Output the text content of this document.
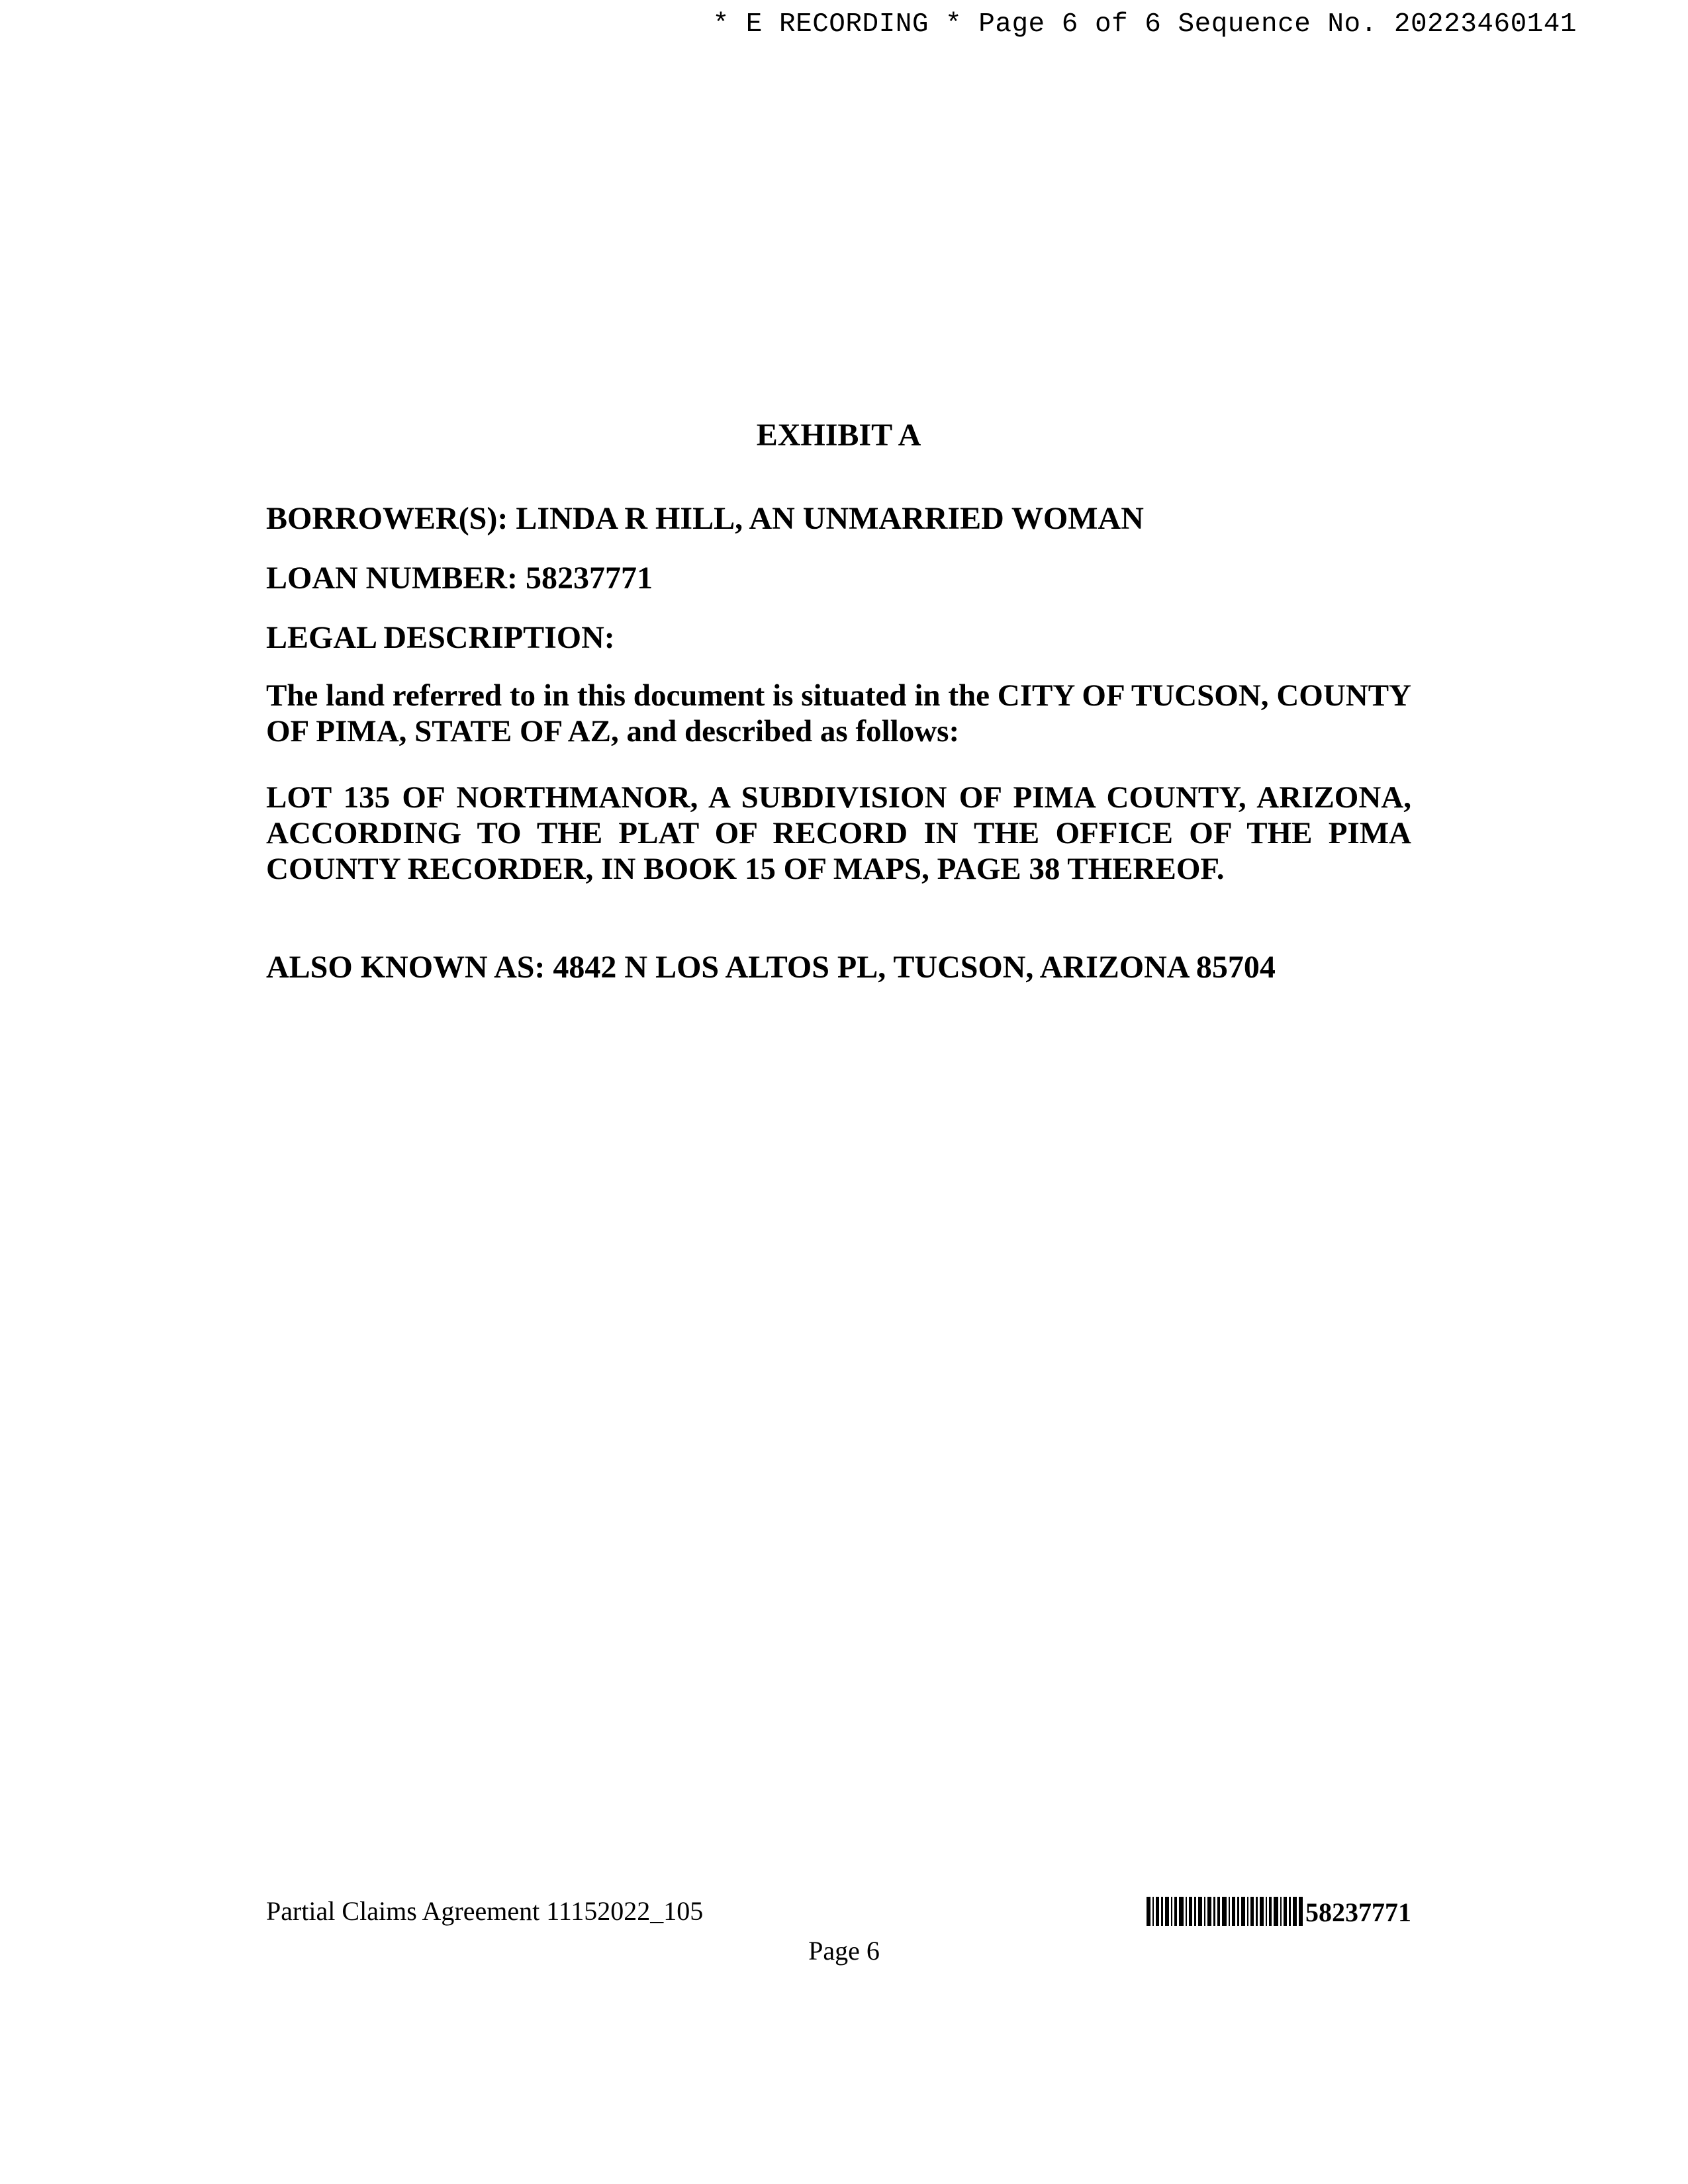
* E RECORDING * Page 6 of 6 Sequence No. 20223460141
EXHIBIT A
BORROWER(S): LINDA R HILL, AN UNMARRIED WOMAN
LOAN NUMBER: 58237771
LEGAL DESCRIPTION:
The land referred to in this document is situated in the CITY OF TUCSON, COUNTY OF PIMA, STATE OF AZ, and described as follows:
LOT 135 OF NORTHMANOR, A SUBDIVISION OF PIMA COUNTY, ARIZONA, ACCORDING TO THE PLAT OF RECORD IN THE OFFICE OF THE PIMA COUNTY RECORDER, IN BOOK 15 OF MAPS, PAGE 38 THEREOF.
ALSO KNOWN AS: 4842 N LOS ALTOS PL, TUCSON, ARIZONA 85704
Partial Claims Agreement 11152022_105
Page 6
58237771
